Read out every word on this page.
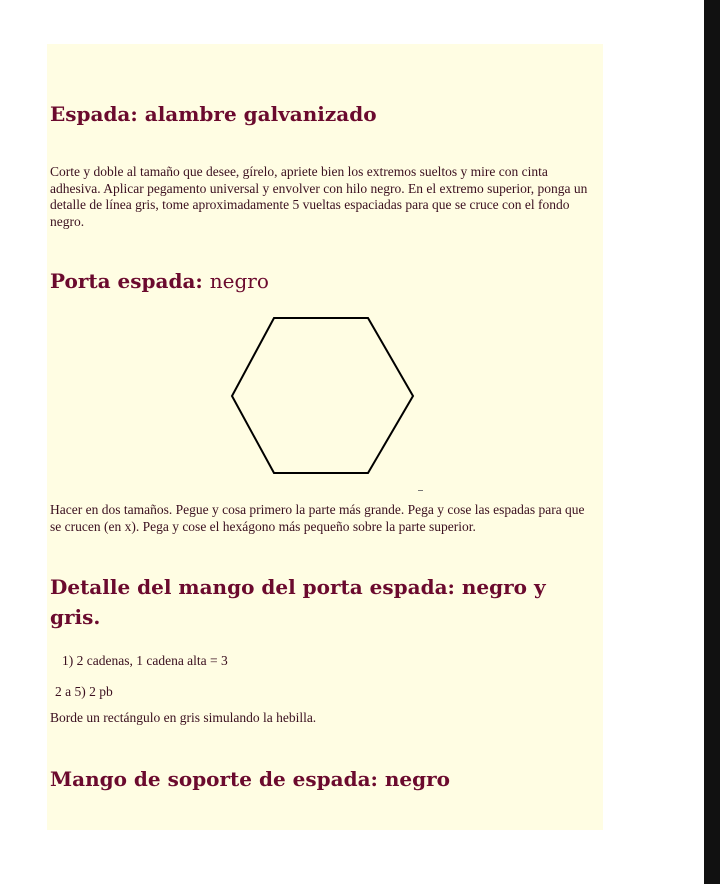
Espada: alambre galvanizado

Corte y doble al tamaño que desee, gírelo, apriete bien los extremos sueltos y mire con cinta adhesiva. Aplicar pegamento universal y envolver con hilo negro. En el extremo superior, ponga un detalle de línea gris, tome aproximadamente 5 vueltas espaciadas para que se cruce con el fondo negro.

Porta espada: negro

Hacer en dos tamaños. Pegue y cosa primero la parte más grande. Pega y cose las espadas para que se crucen (en x). Pega y cose el hexágono más pequeño sobre la parte superior.

Detalle del mango del porta espada: negro y gris.

1) 2 cadenas, 1 cadena alta = 3

2 a 5) 2 pb

Borde un rectángulo en gris simulando la hebilla.

Mango de soporte de espada: negro
